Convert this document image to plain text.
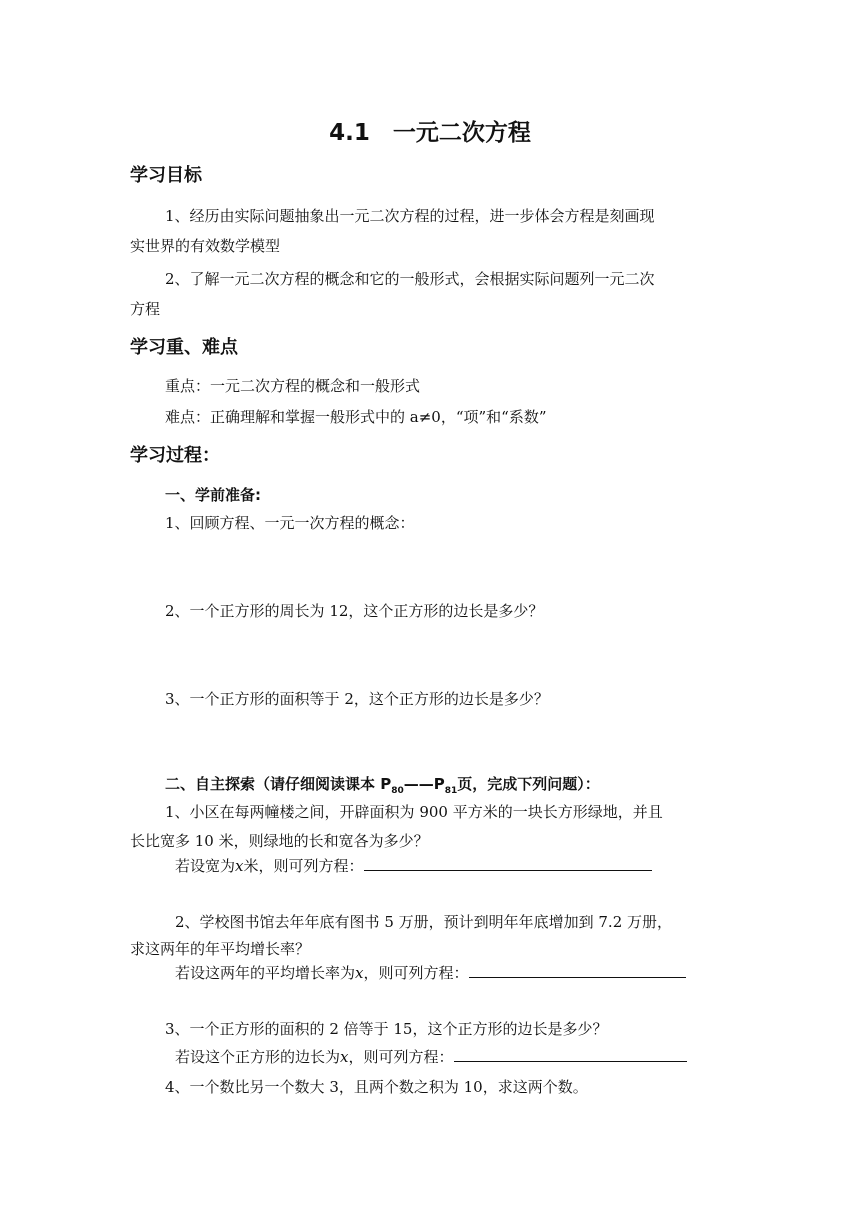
4.1　一元二次方程
学习目标
1、经历由实际问题抽象出一元二次方程的过程，进一步体会方程是刻画现
实世界的有效数学模型
2、了解一元二次方程的概念和它的一般形式，会根据实际问题列一元二次
方程
学习重、难点
重点：一元二次方程的概念和一般形式
难点：正确理解和掌握一般形式中的 a≠0，“项”和“系数”
学习过程：
一、学前准备:
1、回顾方程、一元一次方程的概念：
2、一个正方形的周长为 12，这个正方形的边长是多少？
3、一个正方形的面积等于 2，这个正方形的边长是多少？
二、自主探索（请仔细阅读课本 $P_{80}——P_{81}$页，完成下列问题）：
1、小区在每两幢楼之间，开辟面积为 900 平方米的一块长方形绿地，并且
长比宽多 10 米，则绿地的长和宽各为多少？
若设宽为x米，则可列方程：
2、学校图书馆去年年底有图书 5 万册，预计到明年年底增加到 7.2 万册，
求这两年的年平均增长率？
若设这两年的平均增长率为x，则可列方程：
3、一个正方形的面积的 2 倍等于 15，这个正方形的边长是多少？
若设这个正方形的边长为x，则可列方程：
4、一个数比另一个数大 3，且两个数之积为 10，求这两个数。
